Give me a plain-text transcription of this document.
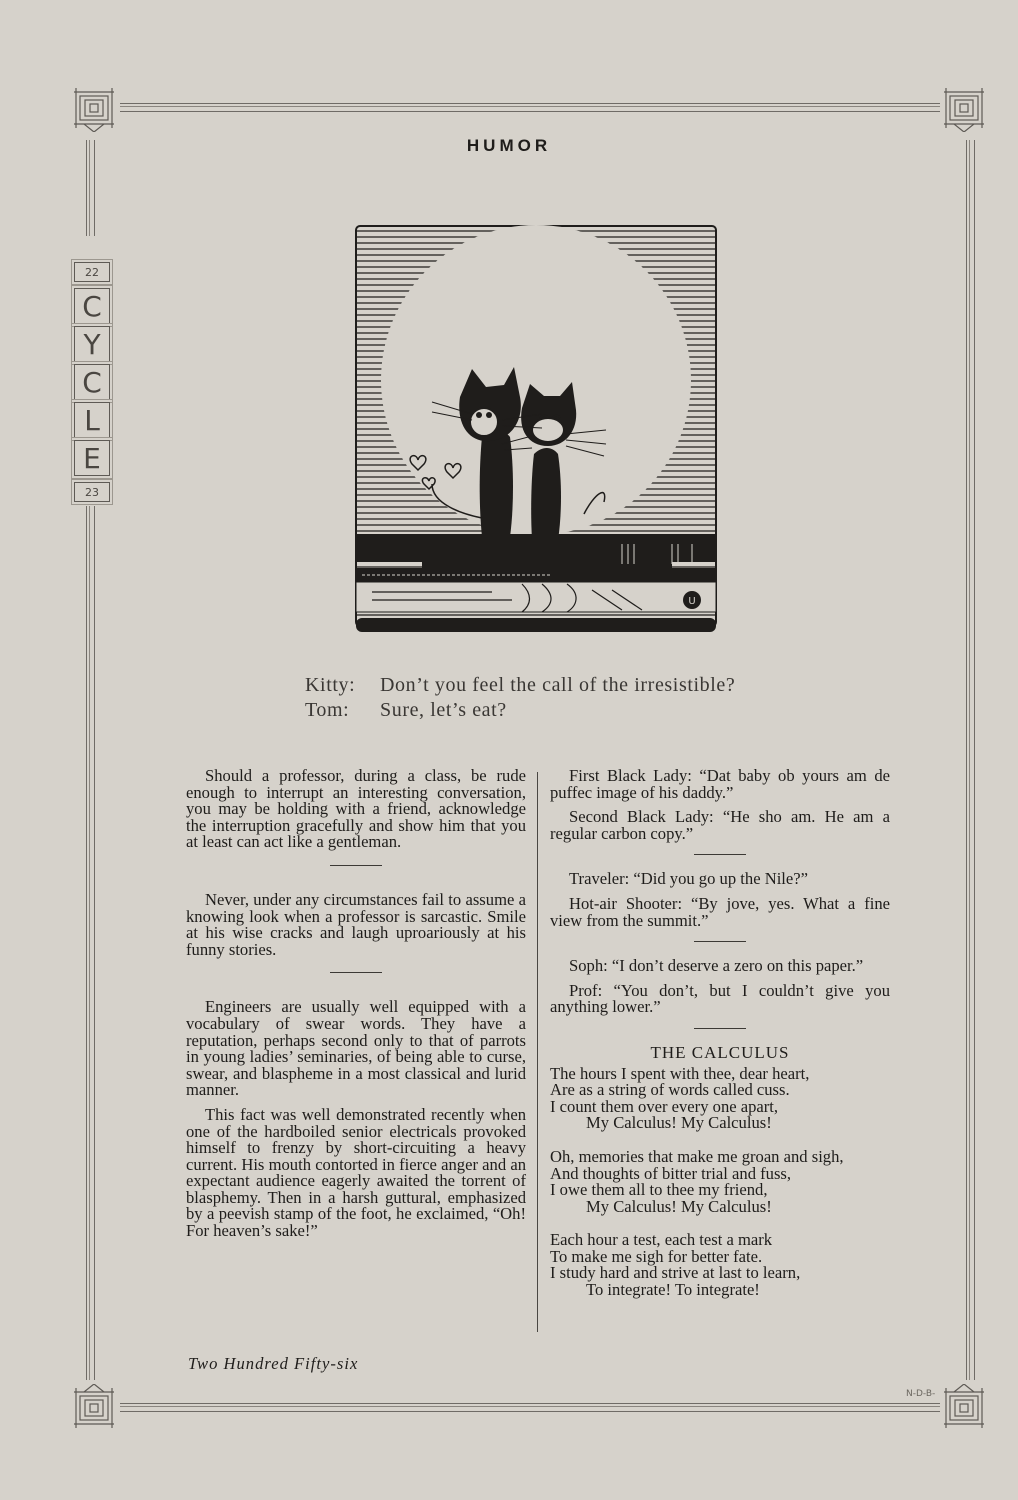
22
C
Y
C
L
E
23
HUMOR
U
Kitty: Don’t you feel the call of the irresistible?
Tom: Sure, let’s eat?

Should a professor, during a class, be rude enough to interrupt an interesting conversation, you may be holding with a friend, acknowledge the interruption gracefully and show him that you at least can act like a gentleman.

Never, under any circumstances fail to assume a knowing look when a professor is sarcastic. Smile at his wise cracks and laugh uproariously at his funny stories.

Engineers are usually well equipped with a vocabulary of swear words. They have a reputation, perhaps second only to that of parrots in young ladies’ seminaries, of being able to curse, swear, and blaspheme in a most classical and lurid manner.

This fact was well demonstrated recently when one of the hardboiled senior electricals provoked himself to frenzy by short-circuiting a heavy current. His mouth contorted in fierce anger and an expectant audience eagerly awaited the torrent of blasphemy. Then in a harsh guttural, emphasized by a peevish stamp of the foot, he exclaimed, “Oh! For heaven’s sake!”

First Black Lady: “Dat baby ob yours am de puffec image of his daddy.”

Second Black Lady: “He sho am. He am a regular carbon copy.”

Traveler: “Did you go up the Nile?”

Hot-air Shooter: “By jove, yes. What a fine view from the summit.”

Soph: “I don’t deserve a zero on this paper.”

Prof: “You don’t, but I couldn’t give you anything lower.”

THE CALCULUS
The hours I spent with thee, dear heart,
Are as a string of words called cuss.
I count them over every one apart,
My Calculus! My Calculus!
Oh, memories that make me groan and sigh,
And thoughts of bitter trial and fuss,
I owe them all to thee my friend,
My Calculus! My Calculus!
Each hour a test, each test a mark
To make me sigh for better fate.
I study hard and strive at last to learn,
To integrate! To integrate!
Two Hundred Fifty-six
N-D-B-
